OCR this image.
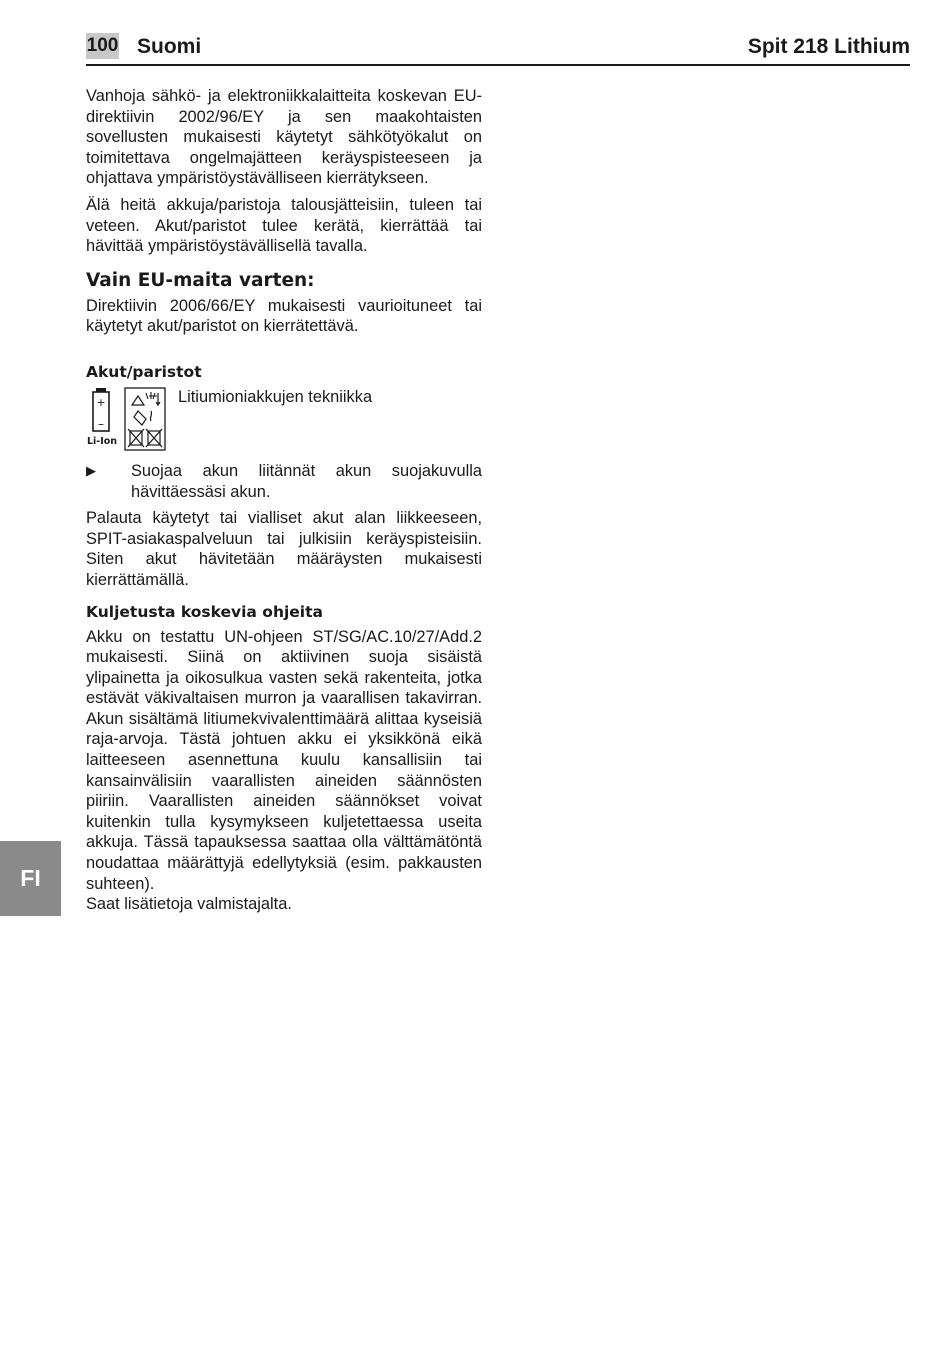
100 Suomi	Spit 218 Lithium

Vanhoja sähkö- ja elektroniikkalaitteita koskevan EU-direktiivin 2002/96/EY ja sen maakohtaisten sovellusten mukaisesti käytetyt sähkötyökalut on toimitettava ongelmajätteen keräyspisteeseen ja ohjattava ympäristöystävälliseen kierrätykseen.

Älä heitä akkuja/paristoja talousjätteisiin, tuleen tai veteen. Akut/paristot tulee kerätä, kierrättää tai hävittää ympäristöystävällisellä tavalla.

Vain EU-maita varten:

Direktiivin 2006/66/EY mukaisesti vaurioituneet tai käytetyt akut/paristot on kierrätettävä.

Akut/paristot
+
–
Li-Ion
Litiumioniakkujen tekniikka
▶	Suojaa akun liitännät akun suojakuvulla hävittäessäsi akun.

Palauta käytetyt tai vialliset akut alan liikkeeseen, SPIT-asiakaspalveluun tai julkisiin keräyspisteisiin. Siten akut hävitetään määräysten mukaisesti kierrättämällä.

Kuljetusta koskevia ohjeita

Akku on testattu UN-ohjeen ST/SG/AC.10/27/Add.2 mukaisesti. Siinä on aktiivinen suoja sisäistä ylipainetta ja oikosulkua vasten sekä rakenteita, jotka estävät väkivaltaisen murron ja vaarallisen takavirran. Akun sisältämä litiumekvivalenttimäärä alittaa kyseisiä raja-arvoja. Tästä johtuen akku ei yksikkönä eikä laitteeseen asennettuna kuulu kansallisiin tai kansainvälisiin vaarallisten aineiden säännösten piiriin. Vaarallisten aineiden säännökset voivat kuitenkin tulla kysymykseen kuljetettaessa useita akkuja. Tässä tapauksessa saattaa olla välttämätöntä noudattaa määrättyjä edellytyksiä (esim. pakkausten suhteen).

Saat lisätietoja valmistajalta.

FI
